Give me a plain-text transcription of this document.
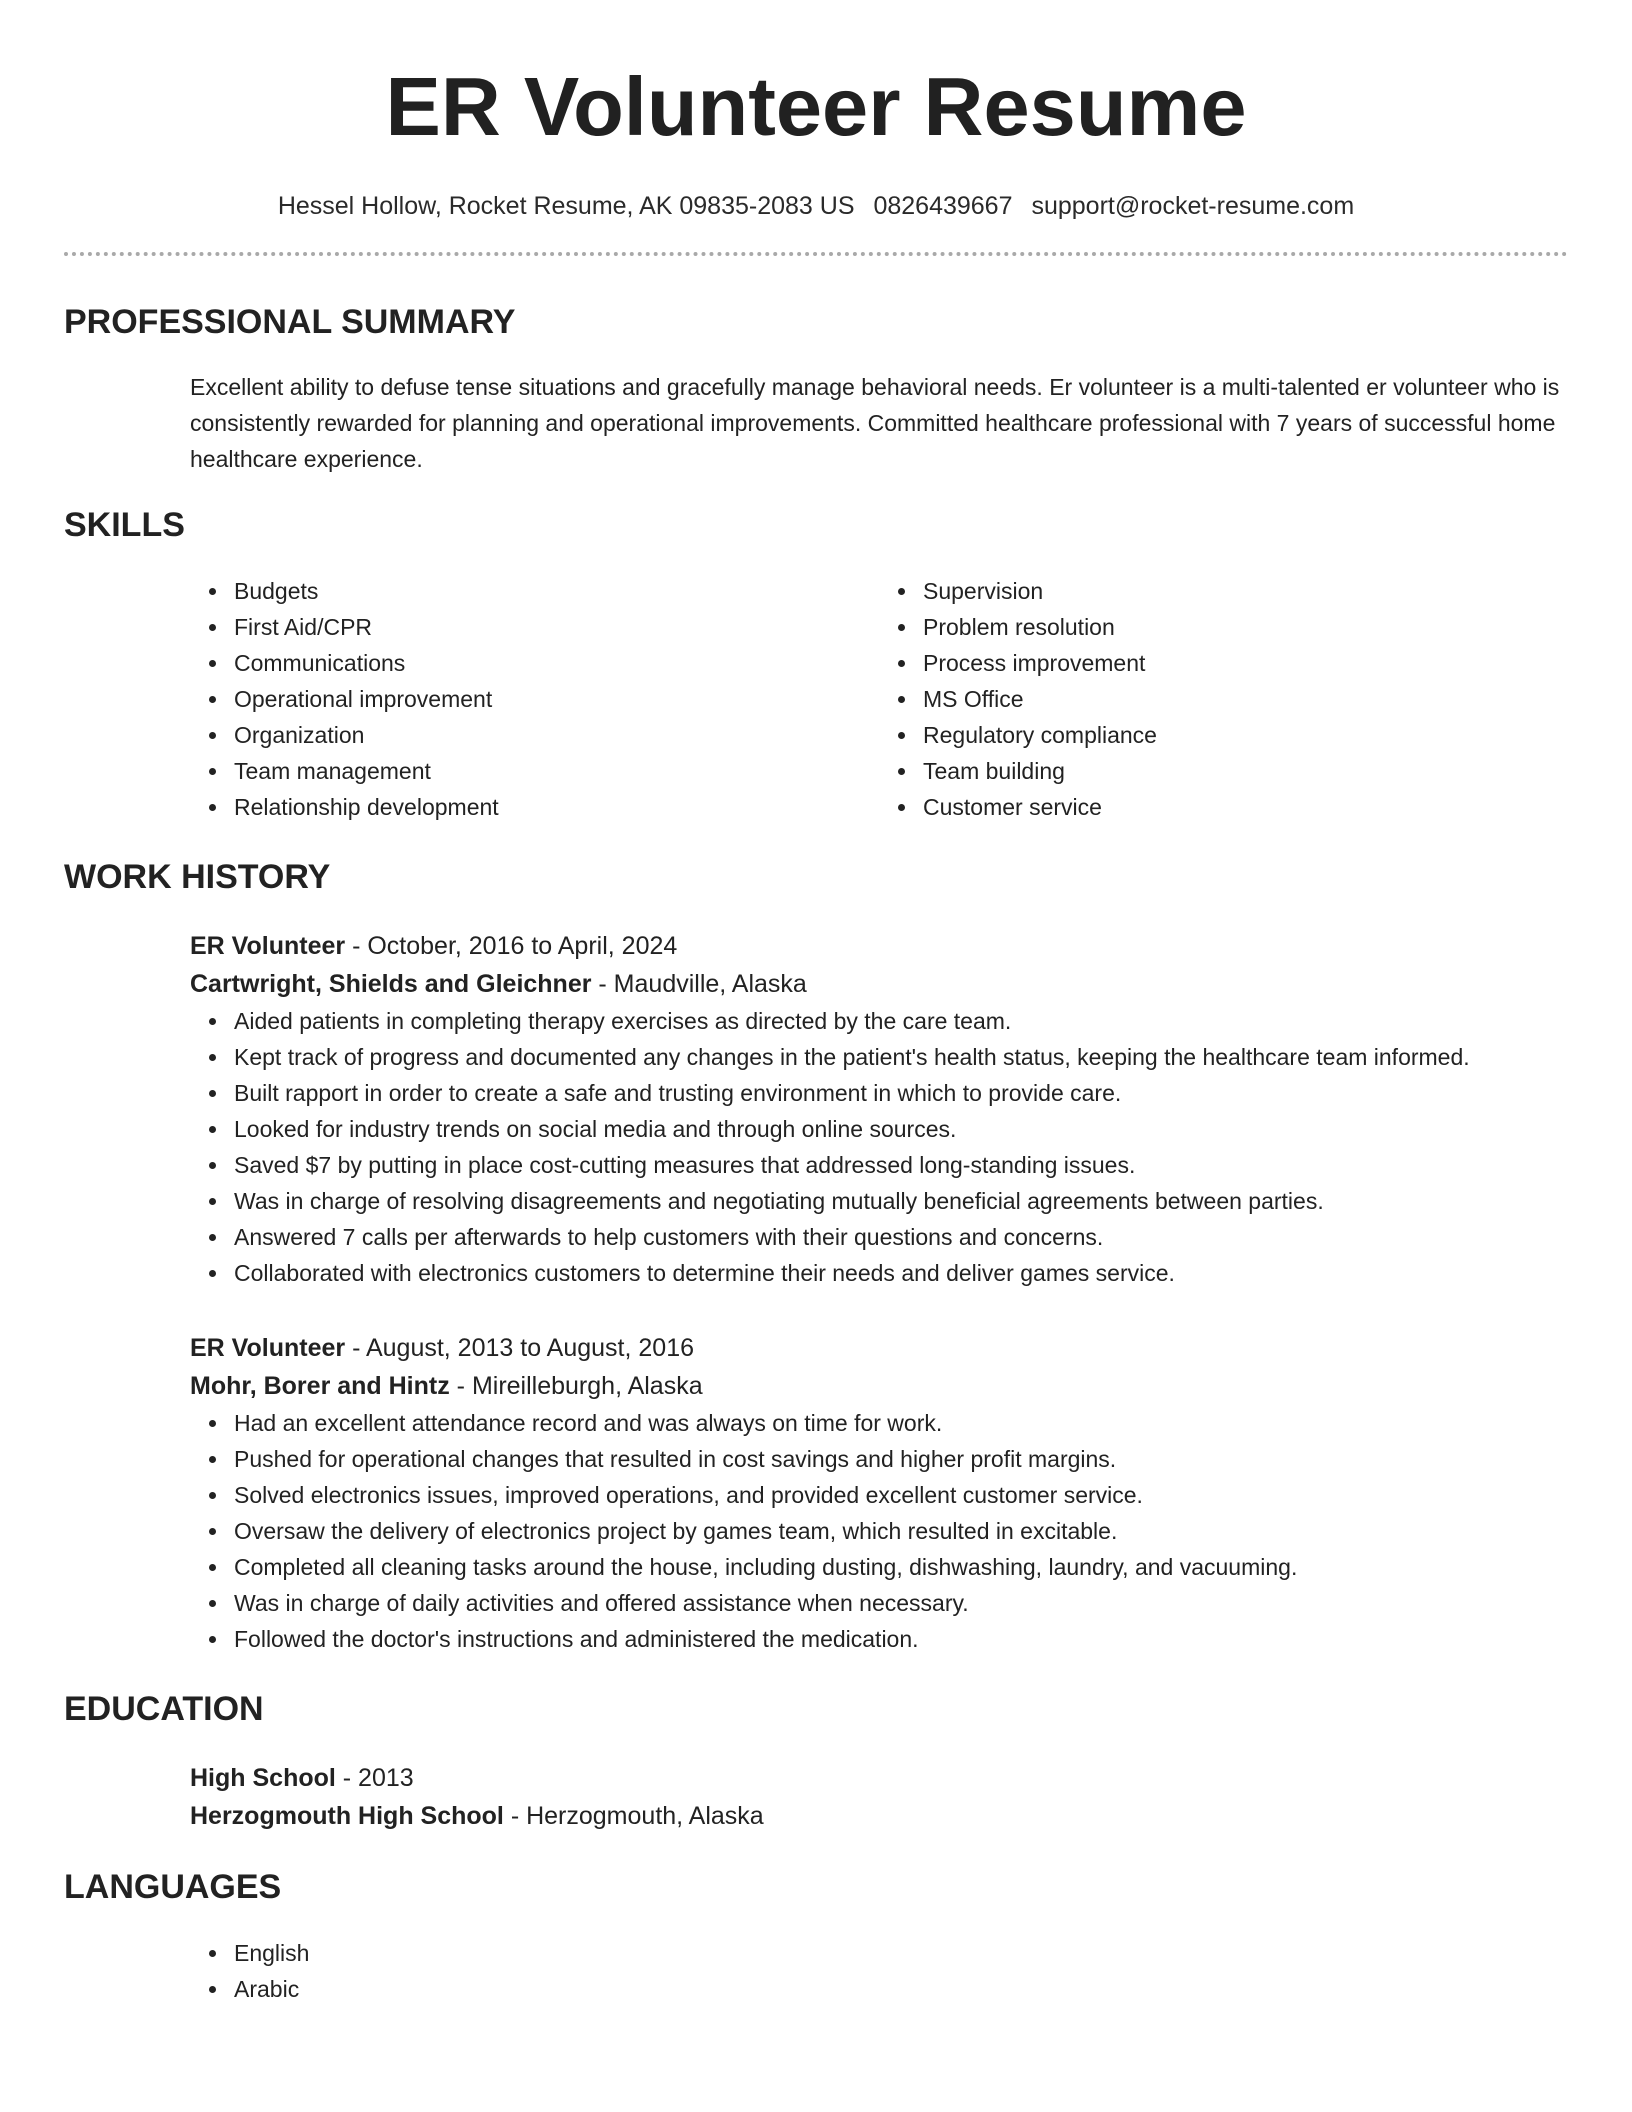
ER Volunteer Resume
Hessel Hollow, Rocket Resume, AK 09835-2083 US 0826439667 support@rocket-resume.com
PROFESSIONAL SUMMARY

Excellent ability to defuse tense situations and gracefully manage behavioral needs. Er volunteer is a multi-talented er volunteer who is consistently rewarded for planning and operational improvements. Committed healthcare professional with 7 years of successful home healthcare experience.

SKILLS
Budgets
First Aid/CPR
Communications
Operational improvement
Organization
Team management
Relationship development
Supervision
Problem resolution
Process improvement
MS Office
Regulatory compliance
Team building
Customer service
WORK HISTORY
ER Volunteer - October, 2016 to April, 2024
Cartwright, Shields and Gleichner - Maudville, Alaska
Aided patients in completing therapy exercises as directed by the care team.
Kept track of progress and documented any changes in the patient's health status, keeping the healthcare team informed.
Built rapport in order to create a safe and trusting environment in which to provide care.
Looked for industry trends on social media and through online sources.
Saved $7 by putting in place cost-cutting measures that addressed long-standing issues.
Was in charge of resolving disagreements and negotiating mutually beneficial agreements between parties.
Answered 7 calls per afterwards to help customers with their questions and concerns.
Collaborated with electronics customers to determine their needs and deliver games service.
ER Volunteer - August, 2013 to August, 2016
Mohr, Borer and Hintz - Mireilleburgh, Alaska
Had an excellent attendance record and was always on time for work.
Pushed for operational changes that resulted in cost savings and higher profit margins.
Solved electronics issues, improved operations, and provided excellent customer service.
Oversaw the delivery of electronics project by games team, which resulted in excitable.
Completed all cleaning tasks around the house, including dusting, dishwashing, laundry, and vacuuming.
Was in charge of daily activities and offered assistance when necessary.
Followed the doctor's instructions and administered the medication.
EDUCATION
High School - 2013
Herzogmouth High School - Herzogmouth, Alaska
LANGUAGES
English
Arabic
